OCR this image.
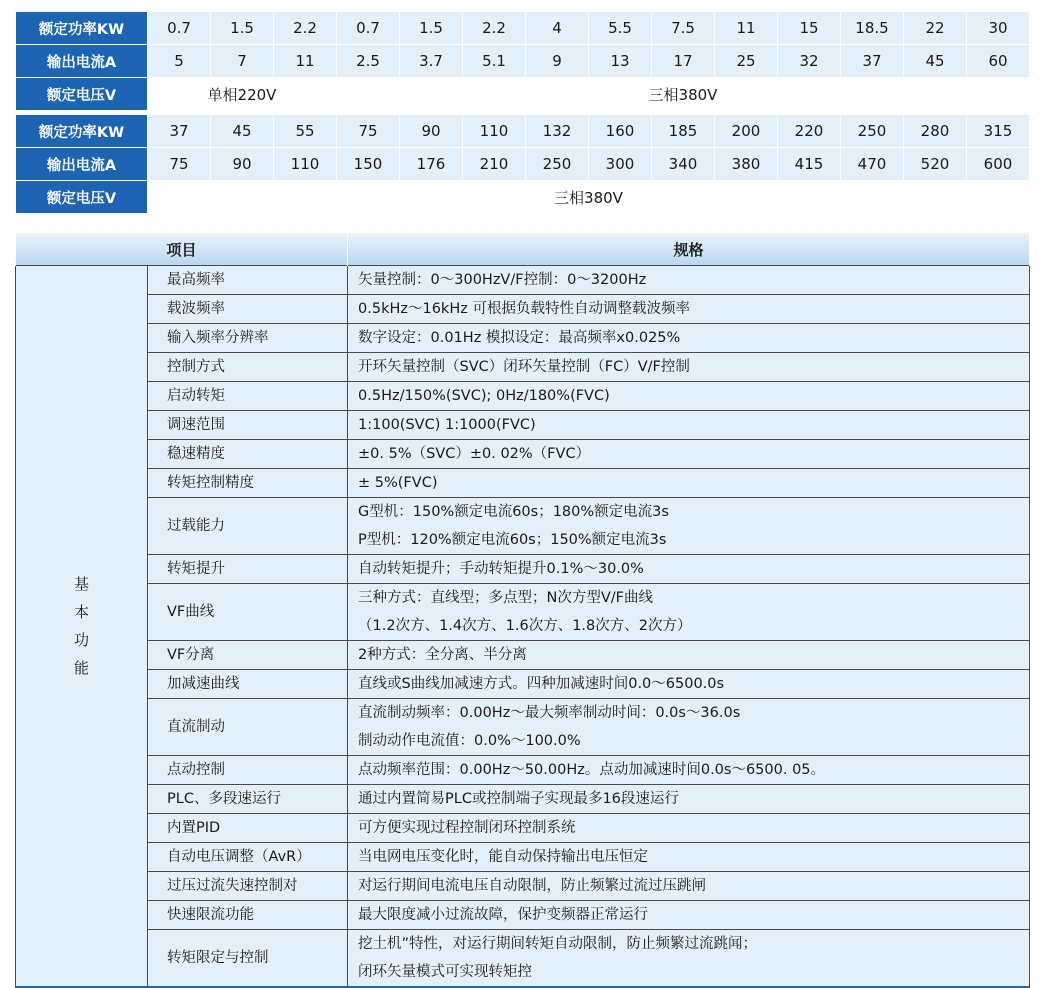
额定功率KW	0.7	1.5	2.2	0.7	1.5	2.2	4	5.5	7.5	11	15	18.5	22	30
输出电流A	5	7	11	2.5	3.7	5.1	9	13	17	25	32	37	45	60
额定电压V	单相220V			三相380V										

额定功率KW	37	45	55	75	90	110	132	160	185	200	220	250	280	315
输出电流A	75	90	110	150	176	210	250	300	340	380	415	470	520	600
额定电压V	三相380V													
项目		规格

基
本
功
能	最高频率	矢量控制：0～300HzV/F控制：0～3200Hz

	载波频率	0.5kHz～16kHz 可根据负载特性自动调整载波频率

	输入频率分辨率	数字设定：0.01Hz 模拟设定：最高频率x0.025%

	控制方式	开环矢量控制（SVC）闭环矢量控制（FC）V/F控制

	启动转矩	0.5Hz/150%(SVC); 0Hz/180%(FVC)

	调速范围	1:100(SVC) 1:1000(FVC)

	稳速精度	±0. 5%（SVC）±0. 02%（FVC）

	转矩控制精度	± 5%(FVC)

	过载能力	G型机：150%额定电流60s；180%额定电流3s
P型机：120%额定电流60s；150%额定电流3s

	转矩提升	自动转矩提升；手动转矩提升0.1%～30.0%

	VF曲线	三种方式：直线型；多点型；N次方型V/F曲线
（1.2次方、1.4次方、1.6次方、1.8次方、2次方）

	VF分离	2种方式：全分离、半分离

	加减速曲线	直线或S曲线加减速方式。四种加减速时间0.0～6500.0s

	直流制动	直流制动频率：0.00Hz～最大频率制动时间：0.0s～36.0s
制动动作电流值：0.0%～100.0%

	点动控制	点动频率范围：0.00Hz～50.00Hz。点动加减速时间0.0s～6500. 05。

	PLC、多段速运行	通过内置简易PLC或控制端子实现最多16段速运行

	内置PID	可方便实现过程控制闭环控制系统

	自动电压调整（AvR）	当电网电压变化时，能自动保持输出电压恒定

	过压过流失速控制对	对运行期间电流电压自动限制，防止频繁过流过压跳闸

	快速限流功能	最大限度减小过流故障，保护变频器正常运行

	转矩限定与控制	挖土机”特性，对运行期间转矩自动限制，防止频繁过流跳闻；
闭环矢量模式可实现转矩控
